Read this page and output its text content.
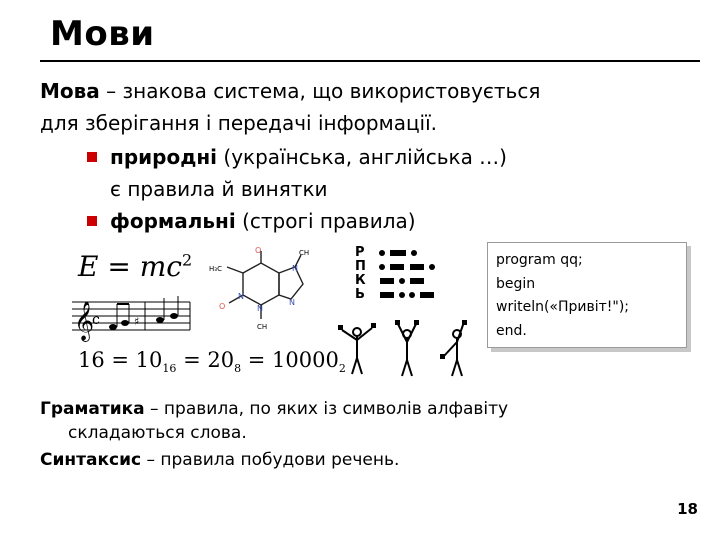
Мови
Мова – знакова система, що використовується
для зберігання і передачі інформації.
природні (українська, англійська …)
є правила й винятки
формальні (строгі правила)
$E = mc^2$
𝄞
c	♯
$16 = 10_{16} = 20_8 = 10000_2$
O
O
N
N
N
N
CH
CH
H₃C
Р
П
К
Ь
program qq;
begin
writeln(«Привіт!");
end.
Граматика – правила, по яких із символів алфавіту
складаються слова.
Синтаксис – правила побудови речень.
18
